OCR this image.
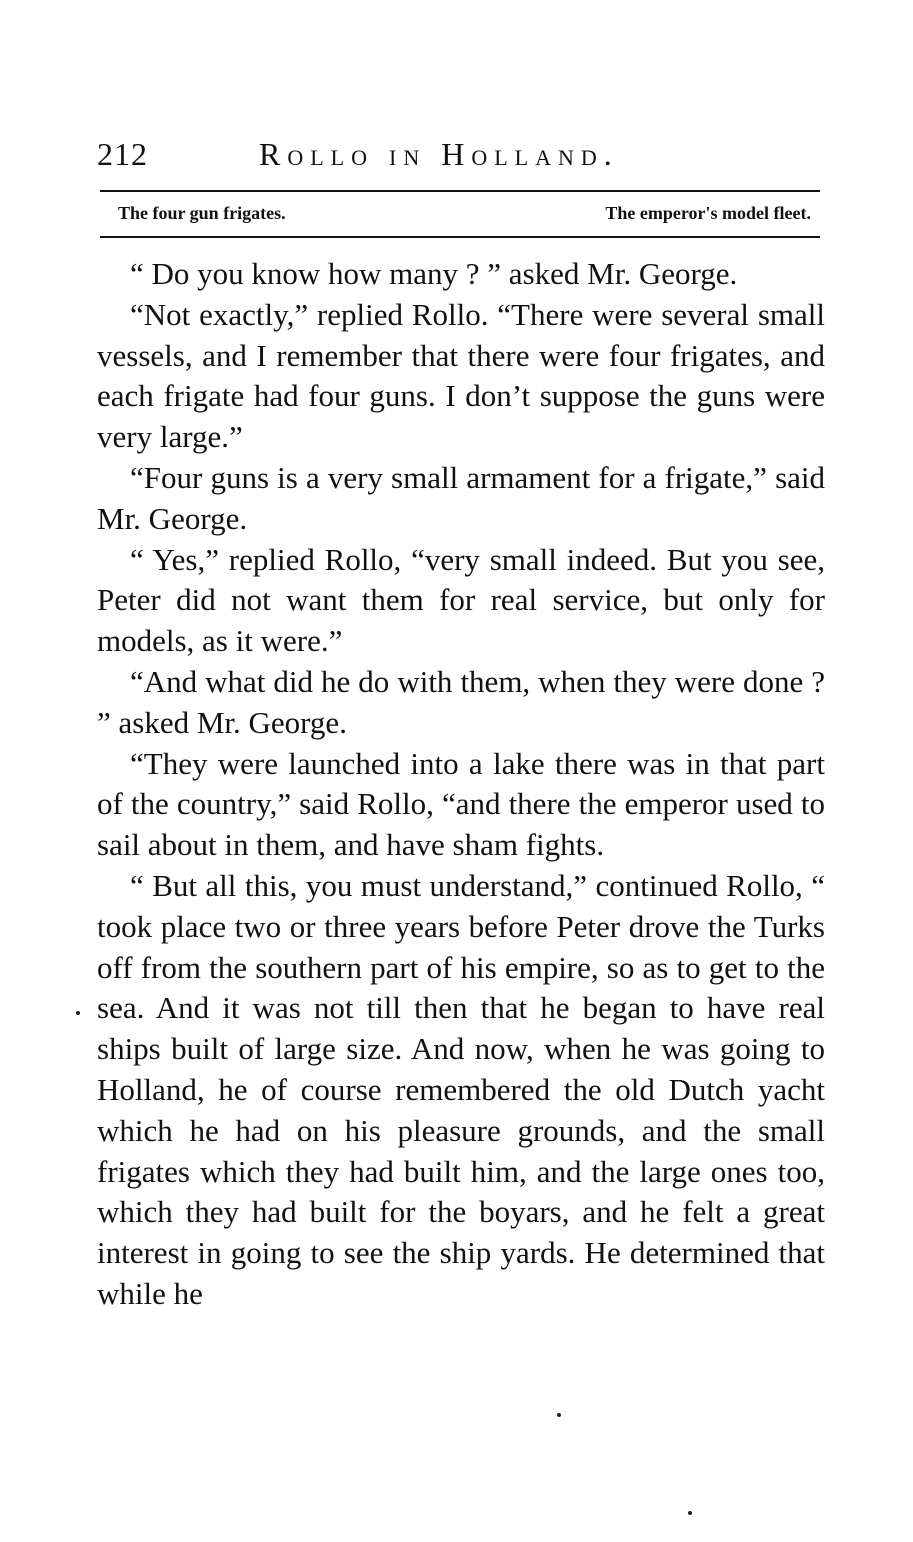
212	Rollo in Holland.
The four gun frigates.	The emperor's model fleet.

“ Do you know how many ? ” asked Mr. George.

“Not exactly,” replied Rollo. “There were several small vessels, and I remember that there were four frigates, and each frigate had four guns. I don’t suppose the guns were very large.”

“Four guns is a very small armament for a frigate,” said Mr. George.

“ Yes,” replied Rollo, “very small indeed. But you see, Peter did not want them for real service, but only for models, as it were.”

“And what did he do with them, when they were done ? ” asked Mr. George.

“They were launched into a lake there was in that part of the country,” said Rollo, “and there the emperor used to sail about in them, and have sham fights.

“ But all this, you must understand,” continued Rollo, “ took place two or three years before Peter drove the Turks off from the southern part of his empire, so as to get to the sea. And it was not till then that he began to have real ships built of large size. And now, when he was going to Holland, he of course remembered the old Dutch yacht which he had on his pleasure grounds, and the small frigates which they had built him, and the large ones too, which they had built for the boyars, and he felt a great interest in going to see the ship yards. He determined that while he
